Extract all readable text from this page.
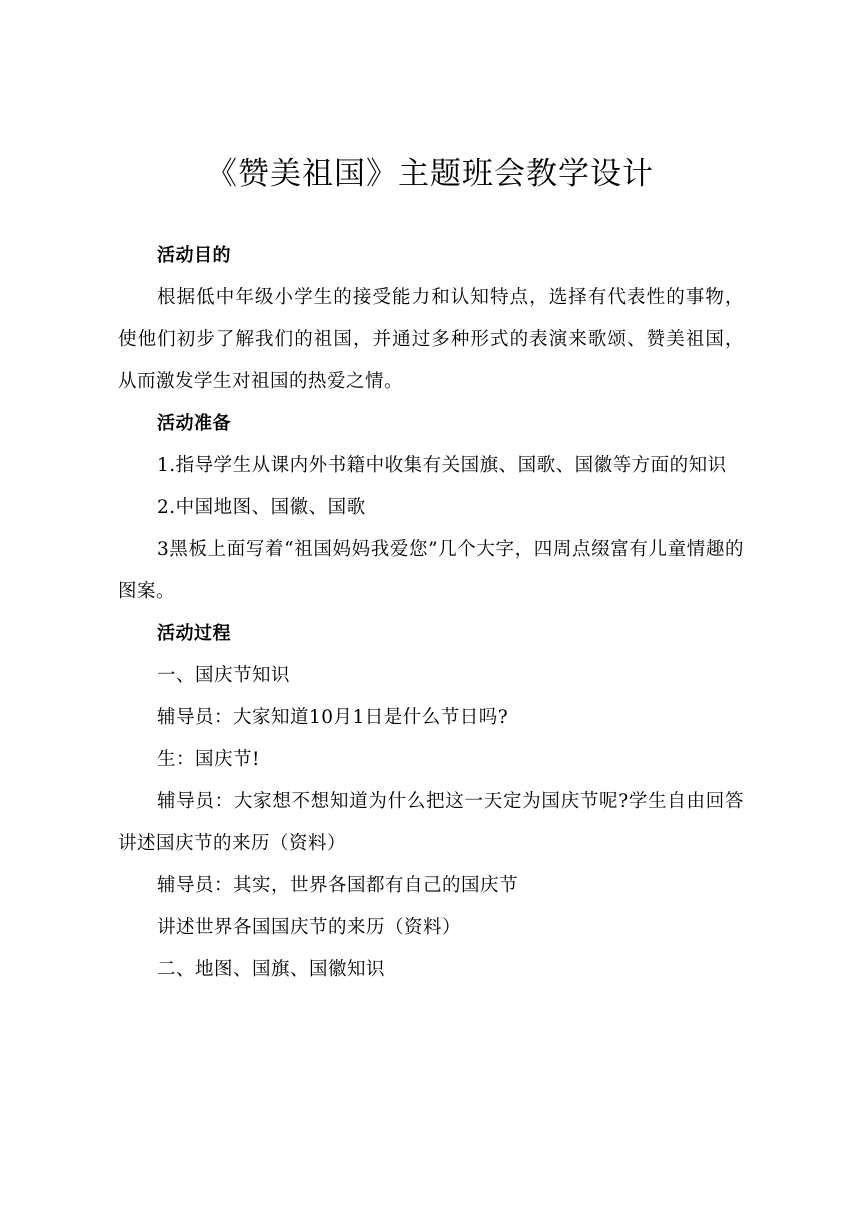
《赞美祖国》主题班会教学设计

活动目的

根据低中年级小学生的接受能力和认知特点，选择有代表性的事物，使他们初步了解我们的祖国，并通过多种形式的表演来歌颂、赞美祖国，从而激发学生对祖国的热爱之情。

活动准备

1.指导学生从课内外书籍中收集有关国旗、国歌、国徽等方面的知识

2.中国地图、国徽、国歌

3黑板上面写着“祖国妈妈我爱您”几个大字，四周点缀富有儿童情趣的图案。

活动过程

一、国庆节知识

辅导员：大家知道10月1日是什么节日吗?

生：国庆节!

辅导员：大家想不想知道为什么把这一天定为国庆节呢?学生自由回答讲述国庆节的来历（资料）

辅导员：其实，世界各国都有自己的国庆节

讲述世界各国国庆节的来历（资料）

二、地图、国旗、国徽知识
